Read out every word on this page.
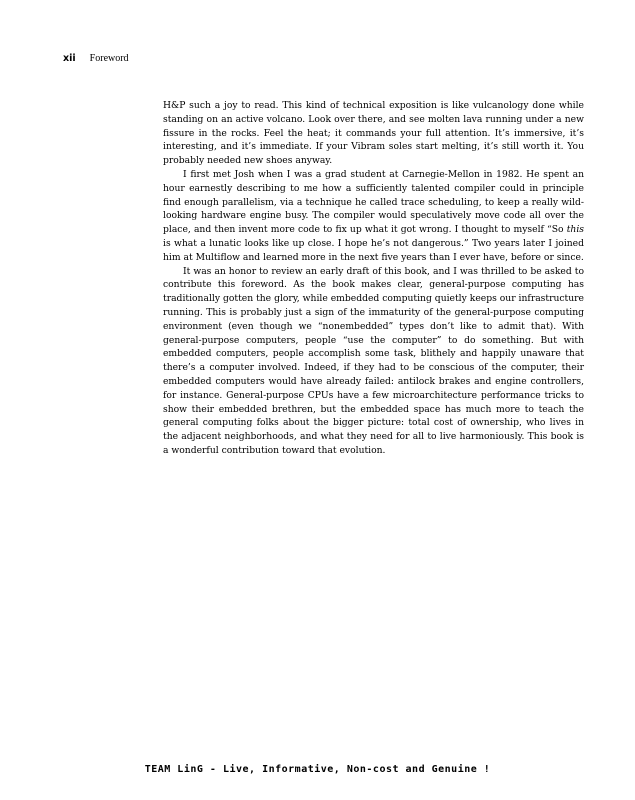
xii Foreword

H&P such a joy to read. This kind of technical exposition is like vulcanology done while standing on an active volcano. Look over there, and see molten lava running under a new fissure in the rocks. Feel the heat; it commands your full attention. It’s immersive, it’s interesting, and it’s immediate. If your Vibram soles start melting, it’s still worth it. You probably needed new shoes anyway.

I first met Josh when I was a grad student at Carnegie-Mellon in 1982. He spent an hour earnestly describing to me how a sufficiently talented compiler could in principle find enough parallelism, via a technique he called trace scheduling, to keep a really wild-looking hardware engine busy. The compiler would speculatively move code all over the place, and then invent more code to fix up what it got wrong. I thought to myself “So this is what a lunatic looks like up close. I hope he’s not dangerous.” Two years later I joined him at Multiflow and learned more in the next five years than I ever have, before or since.

It was an honor to review an early draft of this book, and I was thrilled to be asked to contribute this foreword. As the book makes clear, general-purpose computing has traditionally gotten the glory, while embedded computing quietly keeps our infrastructure running. This is probably just a sign of the immaturity of the general-purpose computing environment (even though we “nonembedded” types don’t like to admit that). With general-purpose computers, people “use the computer” to do something. But with embedded computers, people accomplish some task, blithely and happily unaware that there’s a computer involved. Indeed, if they had to be conscious of the computer, their embedded computers would have already failed: antilock brakes and engine controllers, for instance. General-purpose CPUs have a few microarchitecture performance tricks to show their embedded brethren, but the embedded space has much more to teach the general computing folks about the bigger picture: total cost of ownership, who lives in the adjacent neighborhoods, and what they need for all to live harmoniously. This book is a wonderful contribution toward that evolution.

TEAM LinG - Live, Informative, Non-cost and Genuine !
